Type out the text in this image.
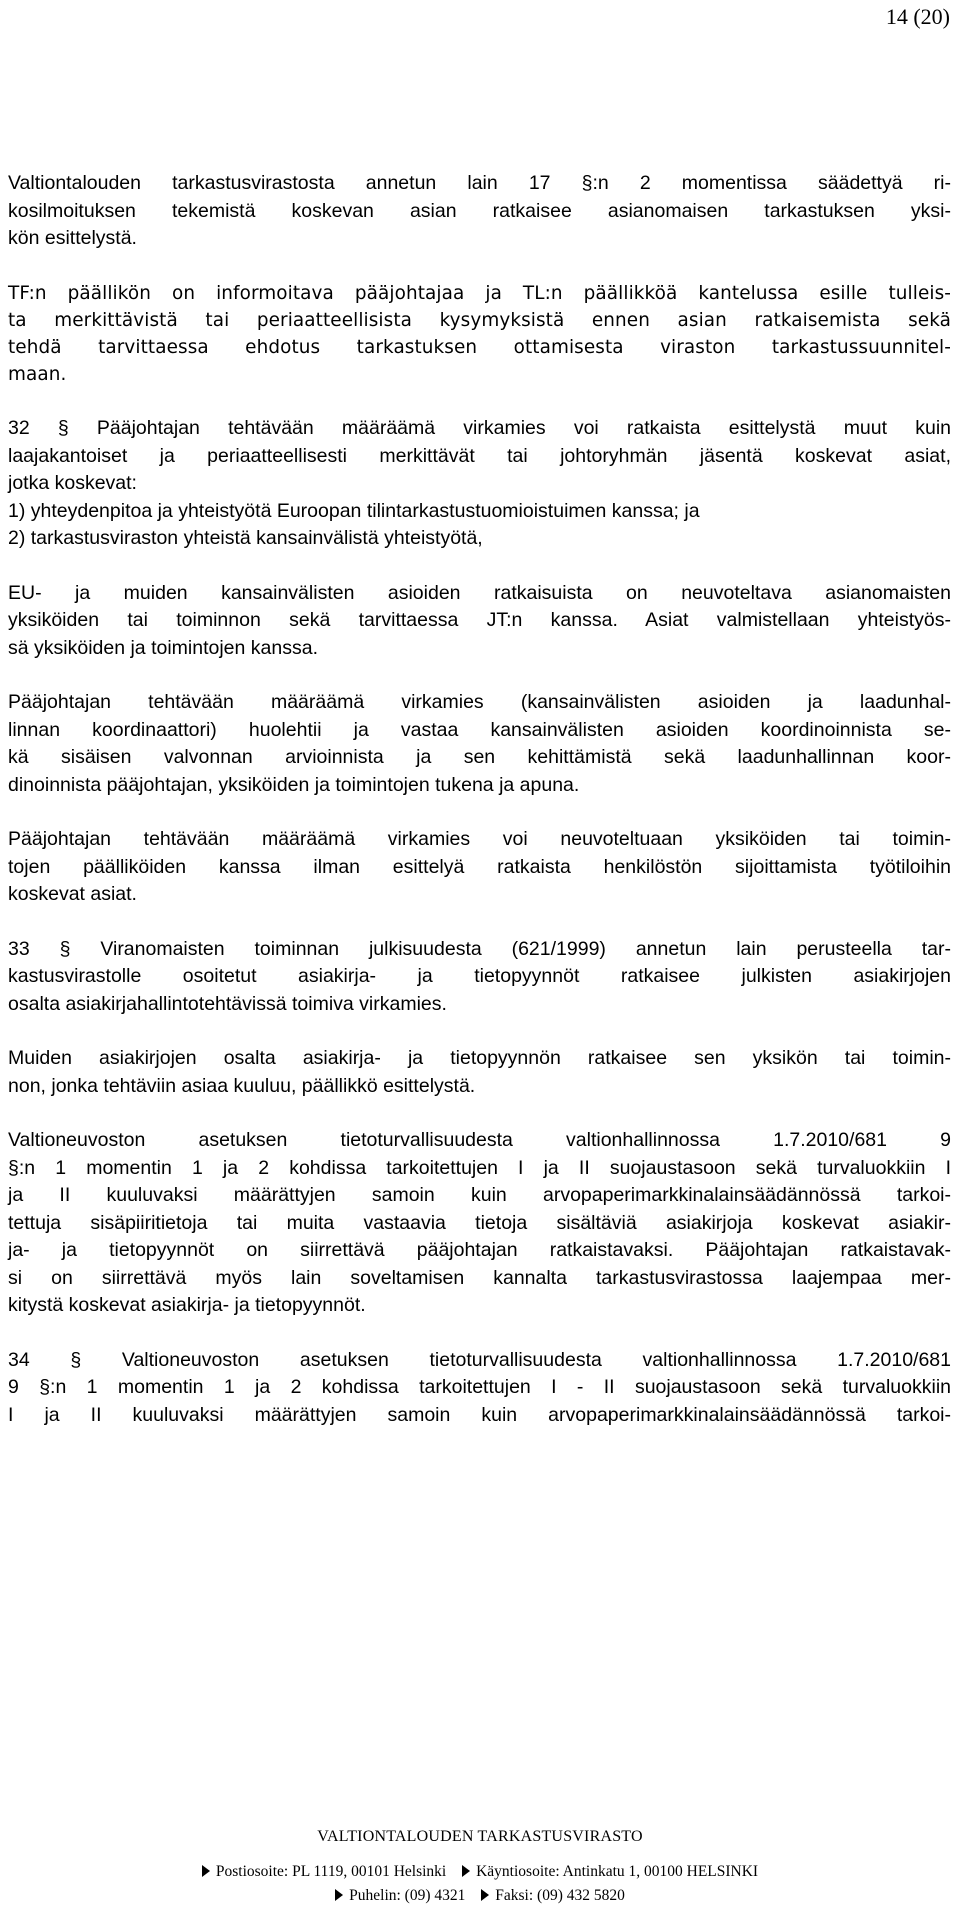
14 (20)

Valtiontalouden tarkastusvirastosta annetun lain 17 §:n 2 momentissa säädettyä ri-
kosilmoituksen tekemistä koskevan asian ratkaisee asianomaisen tarkastuksen yksi-
kön esittelystä.

TF:n päällikön on informoitava pääjohtajaa ja TL:n päällikköä kantelussa esille tulleis-
ta merkittävistä tai periaatteellisista kysymyksistä ennen asian ratkaisemista sekä
tehdä tarvittaessa ehdotus tarkastuksen ottamisesta viraston tarkastussuunnitel-
maan.

32 § Pääjohtajan tehtävään määräämä virkamies voi ratkaista esittelystä muut kuin
laajakantoiset ja periaatteellisesti merkittävät tai johtoryhmän jäsentä koskevat asiat,
jotka koskevat:
1) yhteydenpitoa ja yhteistyötä Euroopan tilintarkastustuomioistuimen kanssa; ja
2) tarkastusviraston yhteistä kansainvälistä yhteistyötä,

EU- ja muiden kansainvälisten asioiden ratkaisuista on neuvoteltava asianomaisten
yksiköiden tai toiminnon sekä tarvittaessa JT:n kanssa. Asiat valmistellaan yhteistyös-
sä yksiköiden ja toimintojen kanssa.

Pääjohtajan tehtävään määräämä virkamies (kansainvälisten asioiden ja laadunhal-
linnan koordinaattori) huolehtii ja vastaa kansainvälisten asioiden koordinoinnista se-
kä sisäisen valvonnan arvioinnista ja sen kehittämistä sekä laadunhallinnan koor-
dinoinnista pääjohtajan, yksiköiden ja toimintojen tukena ja apuna.

Pääjohtajan tehtävään määräämä virkamies voi neuvoteltuaan yksiköiden tai toimin-
tojen päälliköiden kanssa ilman esittelyä ratkaista henkilöstön sijoittamista työtiloihin
koskevat asiat.

33 § Viranomaisten toiminnan julkisuudesta (621/1999) annetun lain perusteella tar-
kastusvirastolle osoitetut asiakirja- ja tietopyynnöt ratkaisee julkisten asiakirjojen
osalta asiakirjahallintotehtävissä toimiva virkamies.

Muiden asiakirjojen osalta asiakirja- ja tietopyynnön ratkaisee sen yksikön tai toimin-
non, jonka tehtäviin asiaa kuuluu, päällikkö esittelystä.

Valtioneuvoston asetuksen tietoturvallisuudesta valtionhallinnossa 1.7.2010/681 9
§:n 1 momentin 1 ja 2 kohdissa tarkoitettujen I ja II suojaustasoon sekä turvaluokkiin I
ja II kuuluvaksi määrättyjen samoin kuin arvopaperimarkkinalainsäädännössä tarkoi-
tettuja sisäpiiritietoja tai muita vastaavia tietoja sisältäviä asiakirjoja koskevat asiakir-
ja- ja tietopyynnöt on siirrettävä pääjohtajan ratkaistavaksi. Pääjohtajan ratkaistavak-
si on siirrettävä myös lain soveltamisen kannalta tarkastusvirastossa laajempaa mer-
kitystä koskevat asiakirja- ja tietopyynnöt.

34 § Valtioneuvoston asetuksen tietoturvallisuudesta valtionhallinnossa 1.7.2010/681
9 §:n 1 momentin 1 ja 2 kohdissa tarkoitettujen I - II suojaustasoon sekä turvaluokkiin
I ja II kuuluvaksi määrättyjen samoin kuin arvopaperimarkkinalainsäädännössä tarkoi-

VALTIONTALOUDEN TARKASTUSVIRASTO
Postiosoite: PL 1119, 00101 Helsinki Käyntiosoite: Antinkatu 1, 00100 HELSINKI
Puhelin: (09) 4321 Faksi: (09) 432 5820
